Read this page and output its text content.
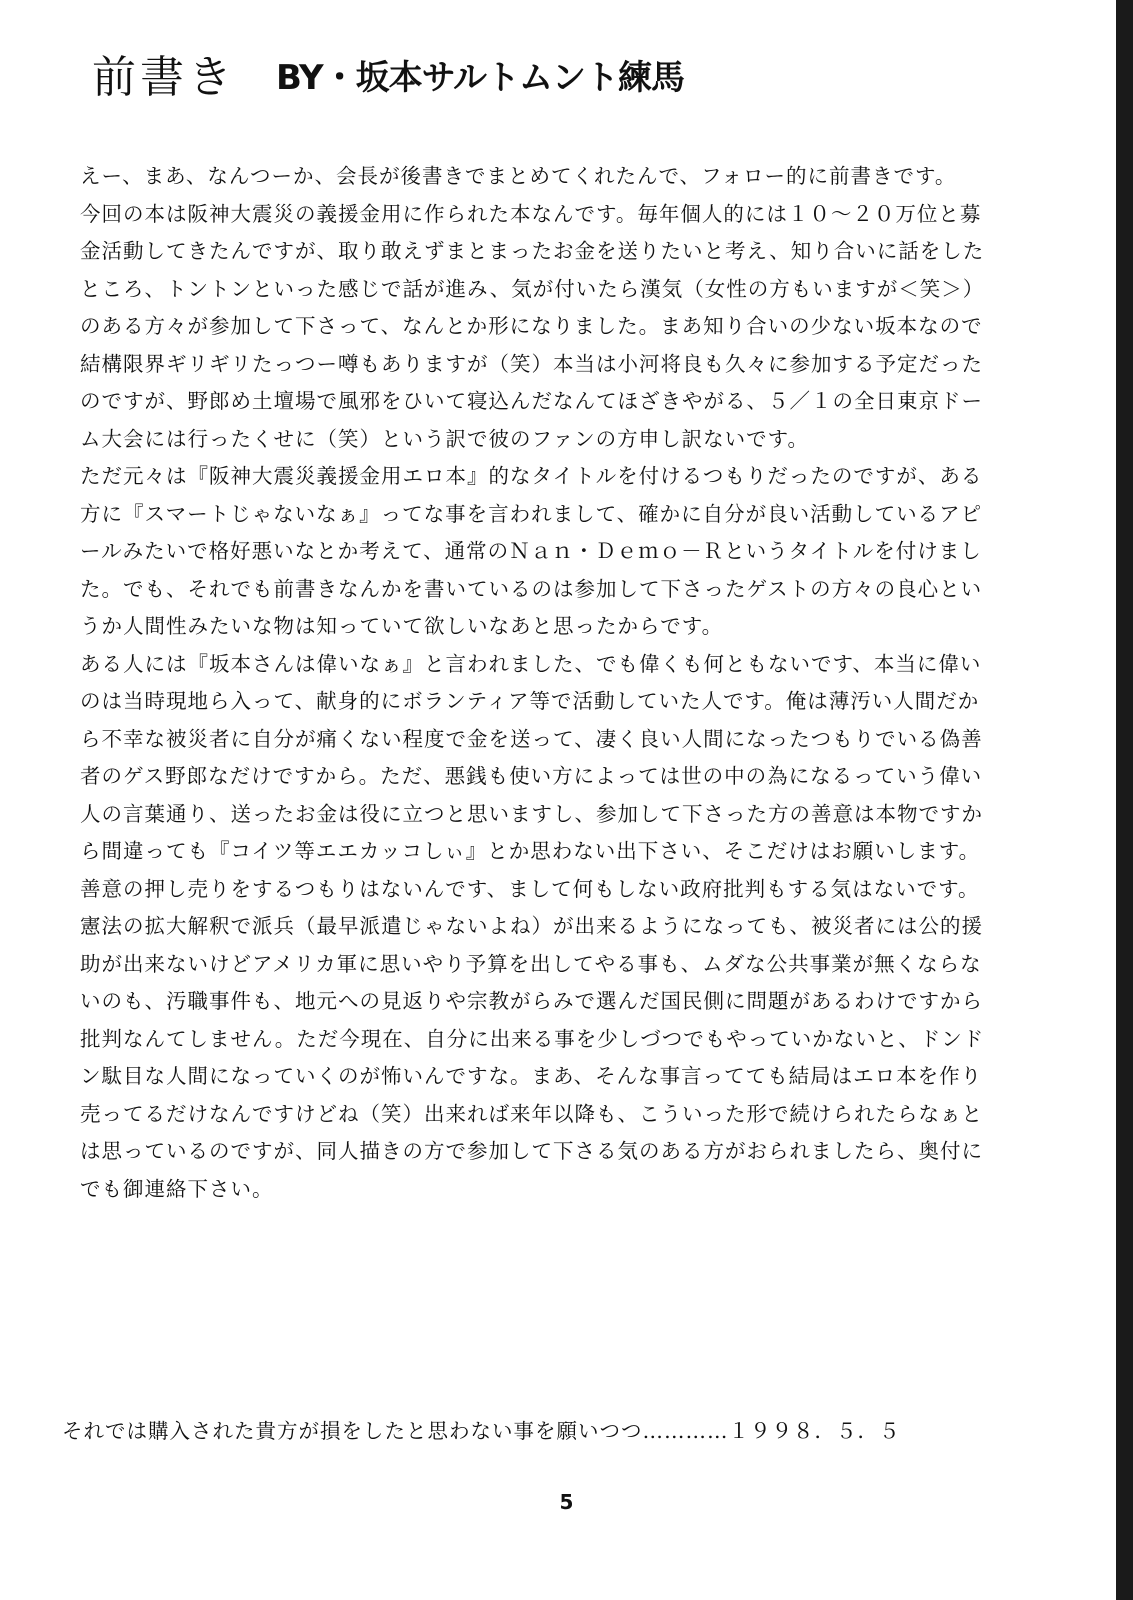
前書き BY・坂本サルトムント練馬
えー、まあ、なんつーか、会長が後書きでまとめてくれたんで、フォロー的に前書きです。
今回の本は阪神大震災の義援金用に作られた本なんです。毎年個人的には１０～２０万位と募
金活動してきたんですが、取り敢えずまとまったお金を送りたいと考え、知り合いに話をした
ところ、トントンといった感じで話が進み、気が付いたら漢気（女性の方もいますが＜笑＞）
のある方々が参加して下さって、なんとか形になりました。まあ知り合いの少ない坂本なので
結構限界ギリギリたっつー噂もありますが（笑）本当は小河将良も久々に参加する予定だった
のですが、野郎め土壇場で風邪をひいて寝込んだなんてほざきやがる、５／１の全日東京ドー
ム大会には行ったくせに（笑）という訳で彼のファンの方申し訳ないです。
ただ元々は『阪神大震災義援金用エロ本』的なタイトルを付けるつもりだったのですが、ある
方に『スマートじゃないなぁ』ってな事を言われまして、確かに自分が良い活動しているアピ
ールみたいで格好悪いなとか考えて、通常のＮａｎ・Ｄｅｍｏ－Ｒというタイトルを付けまし
た。でも、それでも前書きなんかを書いているのは参加して下さったゲストの方々の良心とい
うか人間性みたいな物は知っていて欲しいなあと思ったからです。
ある人には『坂本さんは偉いなぁ』と言われました、でも偉くも何ともないです、本当に偉い
のは当時現地ら入って、献身的にボランティア等で活動していた人です。俺は薄汚い人間だか
ら不幸な被災者に自分が痛くない程度で金を送って、凄く良い人間になったつもりでいる偽善
者のゲス野郎なだけですから。ただ、悪銭も使い方によっては世の中の為になるっていう偉い
人の言葉通り、送ったお金は役に立つと思いますし、参加して下さった方の善意は本物ですか
ら間違っても『コイツ等エエカッコしぃ』とか思わない出下さい、そこだけはお願いします。
善意の押し売りをするつもりはないんです、まして何もしない政府批判もする気はないです。
憲法の拡大解釈で派兵（最早派遣じゃないよね）が出来るようになっても、被災者には公的援
助が出来ないけどアメリカ軍に思いやり予算を出してやる事も、ムダな公共事業が無くならな
いのも、汚職事件も、地元への見返りや宗教がらみで選んだ国民側に問題があるわけですから
批判なんてしません。ただ今現在、自分に出来る事を少しづつでもやっていかないと、ドンド
ン駄目な人間になっていくのが怖いんですな。まあ、そんな事言ってても結局はエロ本を作り
売ってるだけなんですけどね（笑）出来れば来年以降も、こういった形で続けられたらなぁと
は思っているのですが、同人描きの方で参加して下さる気のある方がおられましたら、奥付に
でも御連絡下さい。
それでは購入された貴方が損をしたと思わない事を願いつつ…………１９９８．５．５
5
